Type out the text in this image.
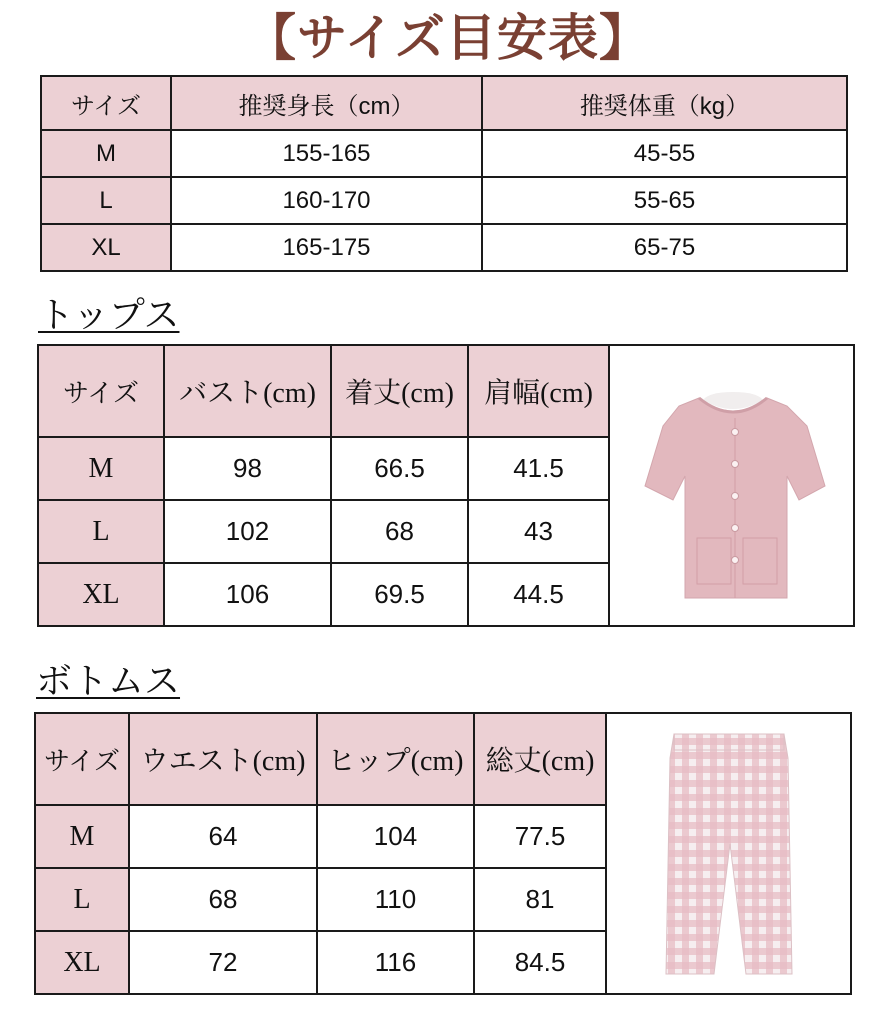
【サイズ目安表】
サイズ	推奨身長（cm）	推奨体重（kg）
M	155-165	45-55
L	160-170	55-65
XL	165-175	65-75
トップス
サイズ	バスト(cm)	着丈(cm)	肩幅(cm)	

M	98	66.5	41.5	
L	102	68	43	
XL	106	69.5	44.5	
ボトムス
サイズ	ウエスト(cm)	ヒップ(cm)	総丈(cm)	

M	64	104	77.5	
L	68	110	81	
XL	72	116	84.5	
